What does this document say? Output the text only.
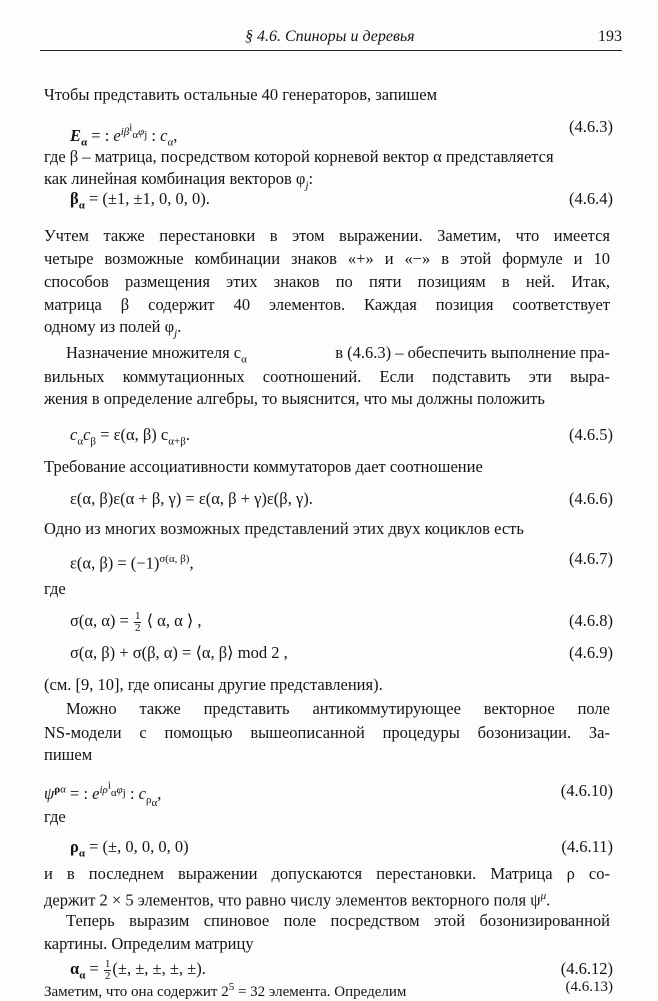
§ 4.6. Спиноры и деревья	193
Чтобы представить остальные 40 генераторов, запишем
$E_\alpha$ = : $e^{i\beta^i_\alpha\varphi_j}$ : $c_\alpha$,	(4.6.3)
где β – матрица, посредством которой корневой вектор α представляется
как линейная комбинация векторов $\varphi_j$:
$\beta_\alpha = (\pm 1$, ±1, 0, 0, 0).	(4.6.4)
Учтем также перестановки в этом выражении. Заметим, что имеется
четыре возможные комбинации знаков «+» и «−» в этой формуле и 10
способов размещения этих знаков по пяти позициям в ней. Итак,
матрица β содержит 40 элементов. Каждая позиция соответствует
одному из полей $\varphi_j$.
Назначение множителя $c_\alpha$	в (4.6.3) – обеспечить выполнение пра-
вильных коммутационных соотношений. Если подставить эти выра-
жения в определение алгебры, то выяснится, что мы должны положить
$c_\alpha c_\beta = \varepsilon(\alpha$, β) $c_{\alpha+\beta}$.	(4.6.5)
Требование ассоциативности коммутаторов дает соотношение
ε(α, β)ε(α + β, γ) = ε(α, β + γ)ε(β, γ).	(4.6.6)
Одно из многих возможных представлений этих двух коциклов есть
ε(α, $\beta) = (-1)^{\sigma(\alpha, \beta)}$,	(4.6.7)
где
σ(α, $\alpha) = \frac{1}{2}$ ⟨ α, α ⟩ ,	(4.6.8)
σ(α, β) + σ(β, α) = ⟨α, β⟩ mod 2 ,	(4.6.9)
(см. [9, 10], где описаны другие представления).
Можно также представить антикоммутирующее векторное поле
NS-модели с помощью вышеописанной процедуры бозонизации. За-
пишем
$\psi^{\rho\alpha}$ = : $e^{i\rho^i_\alpha\varphi_j}$ : $c_{\rho_\alpha}$,	(4.6.10)
где
$\rho_\alpha$ = (±, 0, 0, 0, 0)	(4.6.11)
и в последнем выражении допускаются перестановки. Матрица ρ со-
держит 2 × 5 элементов, что равно числу элементов векторного поля $\psi^\mu$.
Теперь выразим спиновое поле посредством этой бозонизированной
картины. Определим матрицу
$\alpha_\alpha = \frac{1}{2}$ (±, ±, ±, ±, ±).	(4.6.12)
Заметим, что она содержит $2^5 = 32$ элемента. Определим	(4.6.13)
